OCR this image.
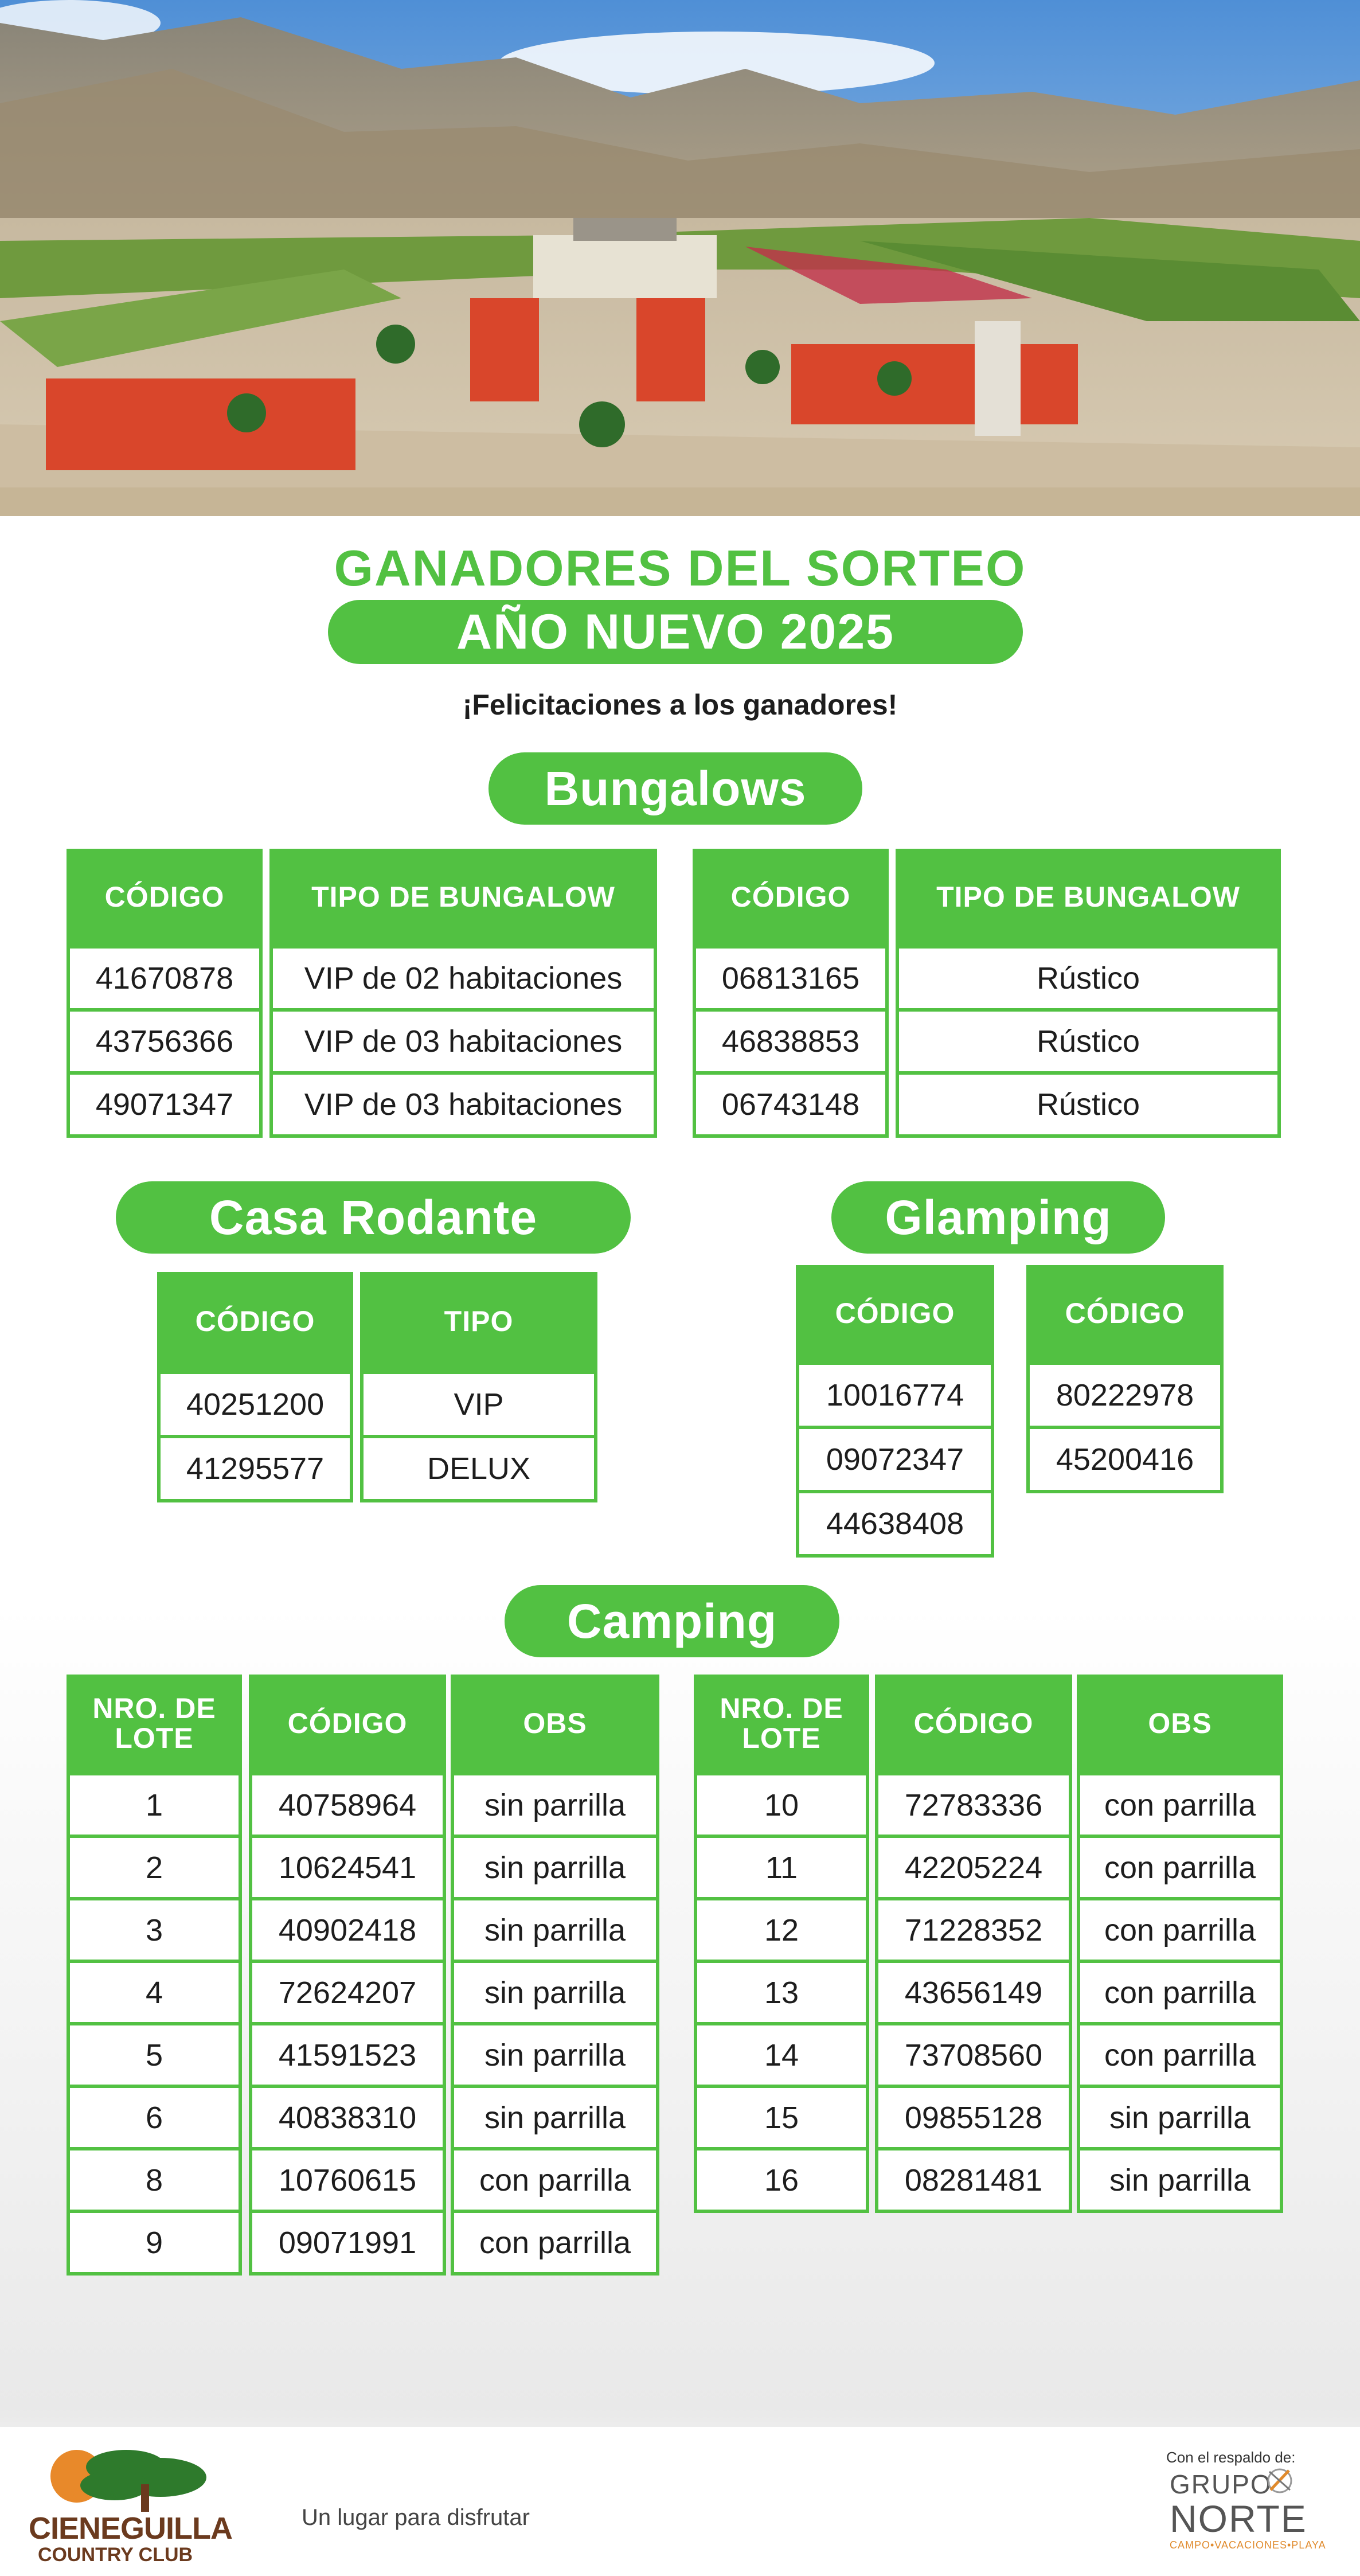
GANADORES DEL SORTEO
AÑO NUEVO 2025
¡Felicitaciones a los ganadores!
Bungalows
Casa Rodante	Glamping
Camping
CIENEGUILLA
COUNTRY CLUB
Un lugar para disfrutar
Con el respaldo de:
GRUPO
NORTE
CAMPO•VACACIONES•PLAYA
CÓDIGO	TIPO DE BUNGALOW
41670878	VIP de 02 habitaciones
43756366	VIP de 03 habitaciones
49071347	VIP de 03 habitaciones
CÓDIGO	TIPO DE BUNGALOW
06813165	Rústico
46838853	Rústico
06743148	Rústico
CÓDIGO	TIPO
40251200	VIP
41295577	DELUX
CÓDIGO
10016774
09072347
44638408
CÓDIGO
80222978
45200416
NRO. DE LOTE	CÓDIGO	OBS
1	40758964	sin parrilla
2	10624541	sin parrilla
3	40902418	sin parrilla
4	72624207	sin parrilla
5	41591523	sin parrilla
6	40838310	sin parrilla
8	10760615	con parrilla
9	09071991	con parrilla
NRO. DE LOTE	CÓDIGO	OBS
10	72783336	con parrilla
11	42205224	con parrilla
12	71228352	con parrilla
13	43656149	con parrilla
14	73708560	con parrilla
15	09855128	sin parrilla
16	08281481	sin parrilla
